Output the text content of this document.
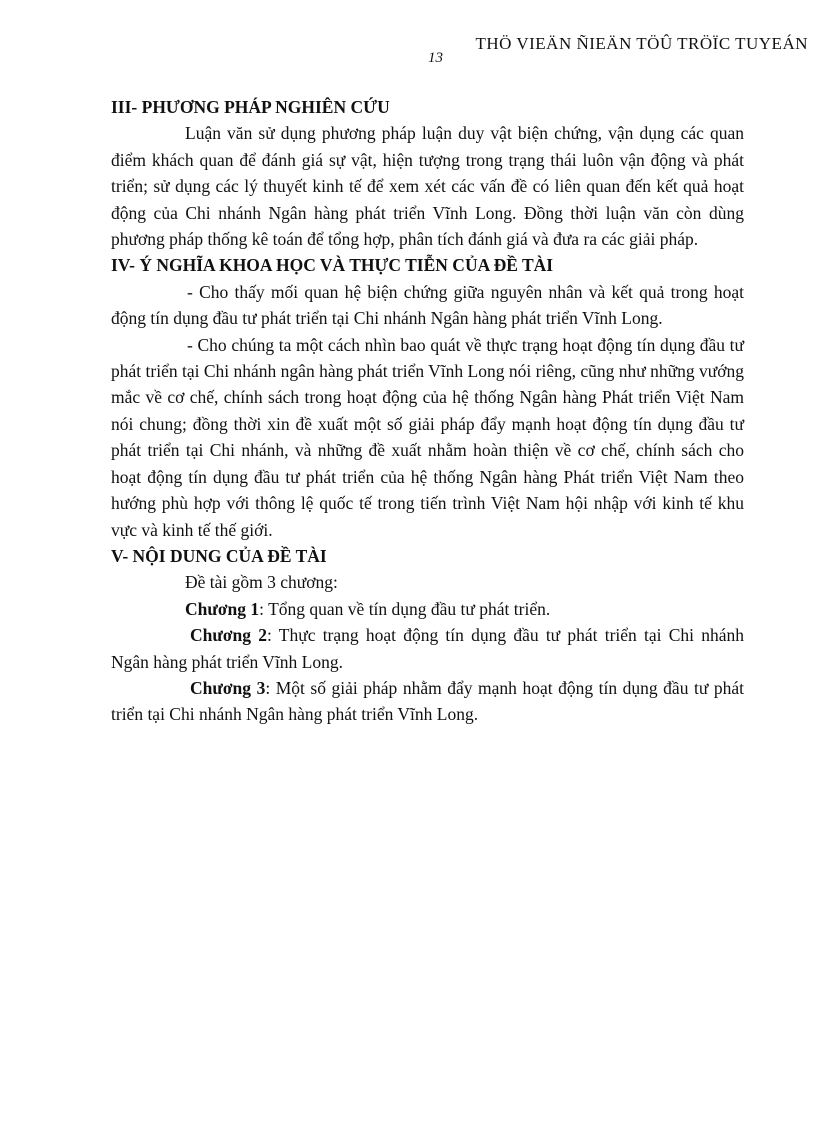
THÖ VIEÄN ÑIEÄN TÖÛ TRÖÏC TUYEÁN
13

III- PHƯƠNG PHÁP NGHIÊN CỨU

Luận văn sử dụng phương pháp luận duy vật biện chứng, vận dụng các quan điểm khách quan để đánh giá sự vật, hiện tượng trong trạng thái luôn vận động và phát triển; sử dụng các lý thuyết kinh tế để xem xét các vấn đề có liên quan đến kết quả hoạt động của Chi nhánh Ngân hàng phát triển Vĩnh Long. Đồng thời luận văn còn dùng phương pháp thống kê toán để tổng hợp, phân tích đánh giá và đưa ra các giải pháp.

IV- Ý NGHĨA KHOA HỌC VÀ THỰC TIỄN CỦA ĐỀ TÀI

- Cho thấy mối quan hệ biện chứng giữa nguyên nhân và kết quả trong hoạt động tín dụng đầu tư phát triển tại Chi nhánh Ngân hàng phát triển Vĩnh Long.

- Cho chúng ta một cách nhìn bao quát về thực trạng hoạt động tín dụng đầu tư phát triển tại Chi nhánh ngân hàng phát triển Vĩnh Long nói riêng, cũng như những vướng mắc về cơ chế, chính sách trong hoạt động của hệ thống Ngân hàng Phát triển Việt Nam nói chung; đồng thời xin đề xuất một số giải pháp đẩy mạnh hoạt động tín dụng đầu tư phát triển tại Chi nhánh, và những đề xuất nhằm hoàn thiện về cơ chế, chính sách cho hoạt động tín dụng đầu tư phát triển của hệ thống Ngân hàng Phát triển Việt Nam theo hướng phù hợp với thông lệ quốc tế trong tiến trình Việt Nam hội nhập với kinh tế khu vực và kinh tế thế giới.

V- NỘI DUNG CỦA ĐỀ TÀI

Đề tài gồm 3 chương:

Chương 1: Tổng quan về tín dụng đầu tư phát triển.

Chương 2: Thực trạng hoạt động tín dụng đầu tư phát triển tại Chi nhánh Ngân hàng phát triển Vĩnh Long.

Chương 3: Một số giải pháp nhằm đẩy mạnh hoạt động tín dụng đầu tư phát triển tại Chi nhánh Ngân hàng phát triển Vĩnh Long.
